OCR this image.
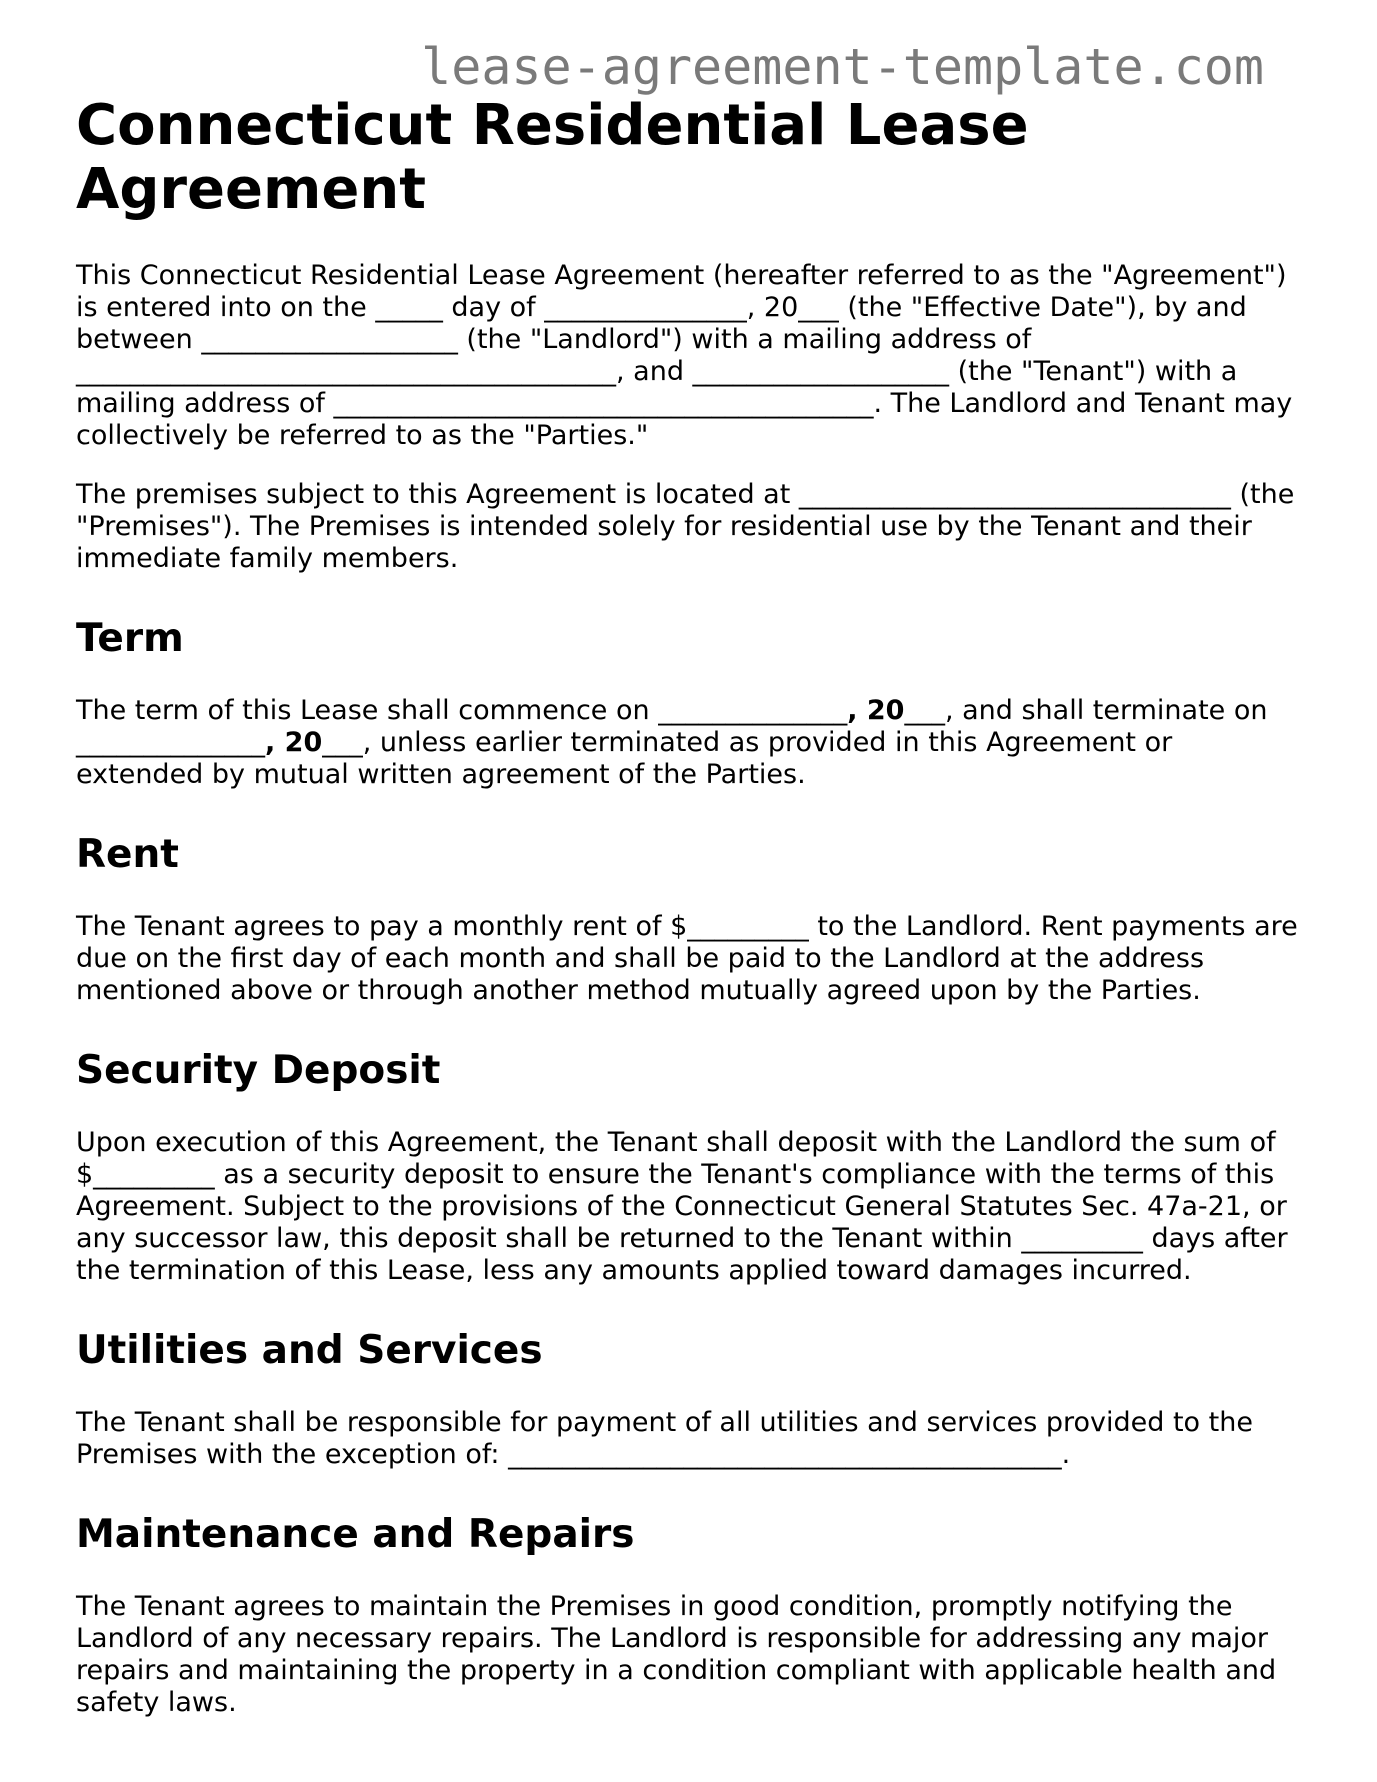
lease-agreement-template.com
Connecticut Residential Lease Agreement

This Connecticut Residential Lease Agreement (hereafter referred to as the "Agreement") is entered into on the _____ day of _______________, 20___ (the "Effective Date"), by and between ___________________ (the "Landlord") with a mailing address of ________________________________________, and ___________________ (the "Tenant") with a mailing address of ________________________________________. The Landlord and Tenant may collectively be referred to as the "Parties."

The premises subject to this Agreement is located at ________________________________ (the "Premises"). The Premises is intended solely for residential use by the Tenant and their immediate family members.

Term

The term of this Lease shall commence on ______________, 20___, and shall terminate on ______________, 20___, unless earlier terminated as provided in this Agreement or extended by mutual written agreement of the Parties.

Rent

The Tenant agrees to pay a monthly rent of $_________ to the Landlord. Rent payments are due on the first day of each month and shall be paid to the Landlord at the address mentioned above or through another method mutually agreed upon by the Parties.

Security Deposit

Upon execution of this Agreement, the Tenant shall deposit with the Landlord the sum of $_________ as a security deposit to ensure the Tenant's compliance with the terms of this Agreement. Subject to the provisions of the Connecticut General Statutes Sec. 47a-21, or any successor law, this deposit shall be returned to the Tenant within _________ days after the termination of this Lease, less any amounts applied toward damages incurred.

Utilities and Services

The Tenant shall be responsible for payment of all utilities and services provided to the Premises with the exception of: _________________________________________.

Maintenance and Repairs

The Tenant agrees to maintain the Premises in good condition, promptly notifying the Landlord of any necessary repairs. The Landlord is responsible for addressing any major repairs and maintaining the property in a condition compliant with applicable health and safety laws.
